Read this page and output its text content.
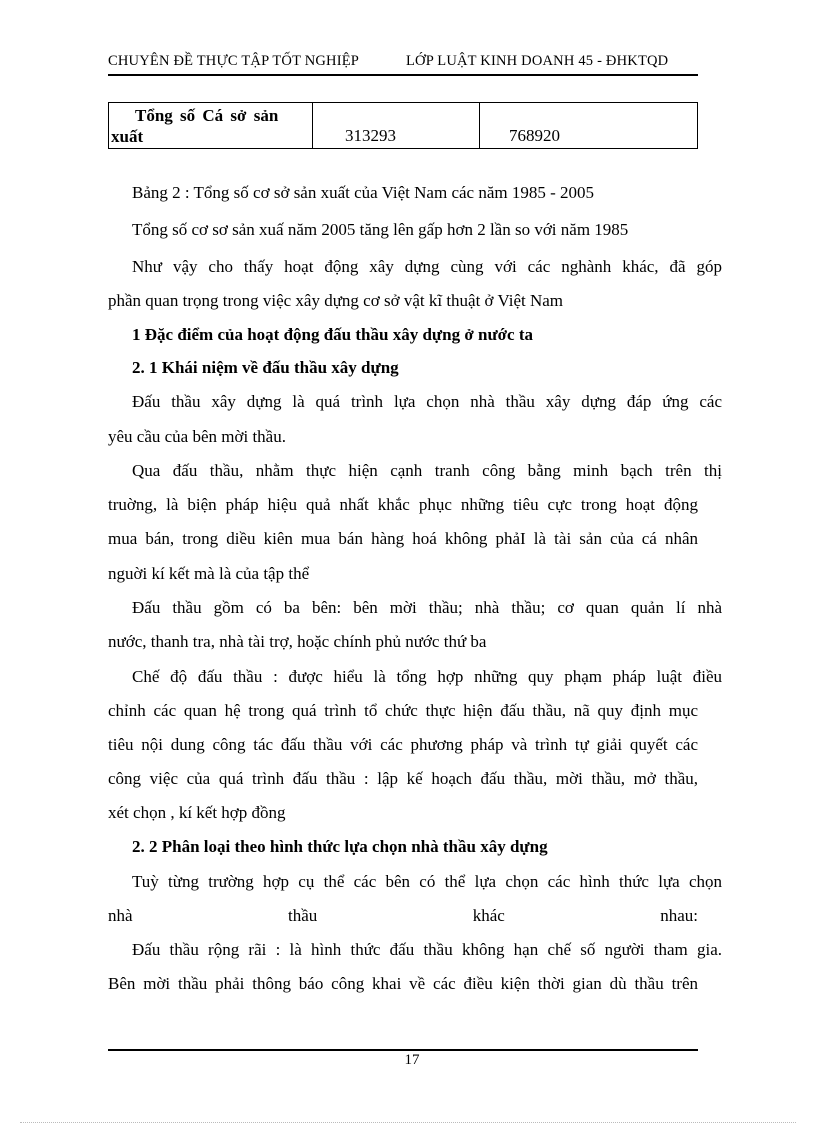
CHUYÊN ĐỀ THỰC TẬP TỐT NGHIỆP	LỚP LUẬT KINH DOANH 45 - ĐHKTQD
Tổng số Cá sở sản
xuất	313293	768920
Bảng 2 : Tổng số cơ sở sản xuất của Việt Nam các năm 1985 - 2005
Tổng số cơ sơ sản xuấ năm 2005 tăng lên gấp hơn 2 lần so với năm 1985
Như vậy cho thấy hoạt động xây dựng cùng với các nghành khác, đã góp
phần quan trọng trong việc xây dựng cơ sở vật kĩ thuật ở Việt Nam
1 Đặc điểm của hoạt động đấu thầu xây dựng ở nước ta
2. 1 Khái niệm về đấu thầu xây dựng
Đấu thầu xây dựng là quá trình lựa chọn nhà thầu xây dựng đáp ứng các
yêu cầu của bên mời thầu.
Qua đấu thầu, nhằm thực hiện cạnh tranh công bằng minh bạch trên thị
truờng, là biện pháp hiệu quả nhất khắc phục những tiêu cực trong hoạt động
mua bán, trong diều kiên mua bán hàng hoá không phảI là tài sản của cá nhân
nguời kí kết mà là của tập thể
Đấu thầu gồm có ba bên: bên mời thầu; nhà thầu; cơ quan quản lí nhà
nước, thanh tra, nhà tài trợ, hoặc chính phủ nước thứ ba
Chế độ đấu thầu : được hiểu là tổng hợp những quy phạm pháp luật điều
chỉnh các quan hệ trong quá trình tổ chức thực hiện đấu thầu, nã quy định mục
tiêu nội dung công tác đấu thầu với các phương pháp và trình tự giải quyết các
công việc của quá trình đấu thầu : lập kế hoạch đấu thầu, mời thầu, mở thầu,
xét chọn , kí kết hợp đồng
2. 2 Phân loại theo hình thức lựa chọn nhà thầu xây dựng
Tuỳ từng trường hợp cụ thể các bên có thể lựa chọn các hình thức lựa chọn
nhà thầu khác nhau:
Đấu thầu rộng rãi : là hình thức đấu thầu không hạn chế số người tham gia.
Bên mời thầu phải thông báo công khai về các điều kiện thời gian dù thầu trên
17
